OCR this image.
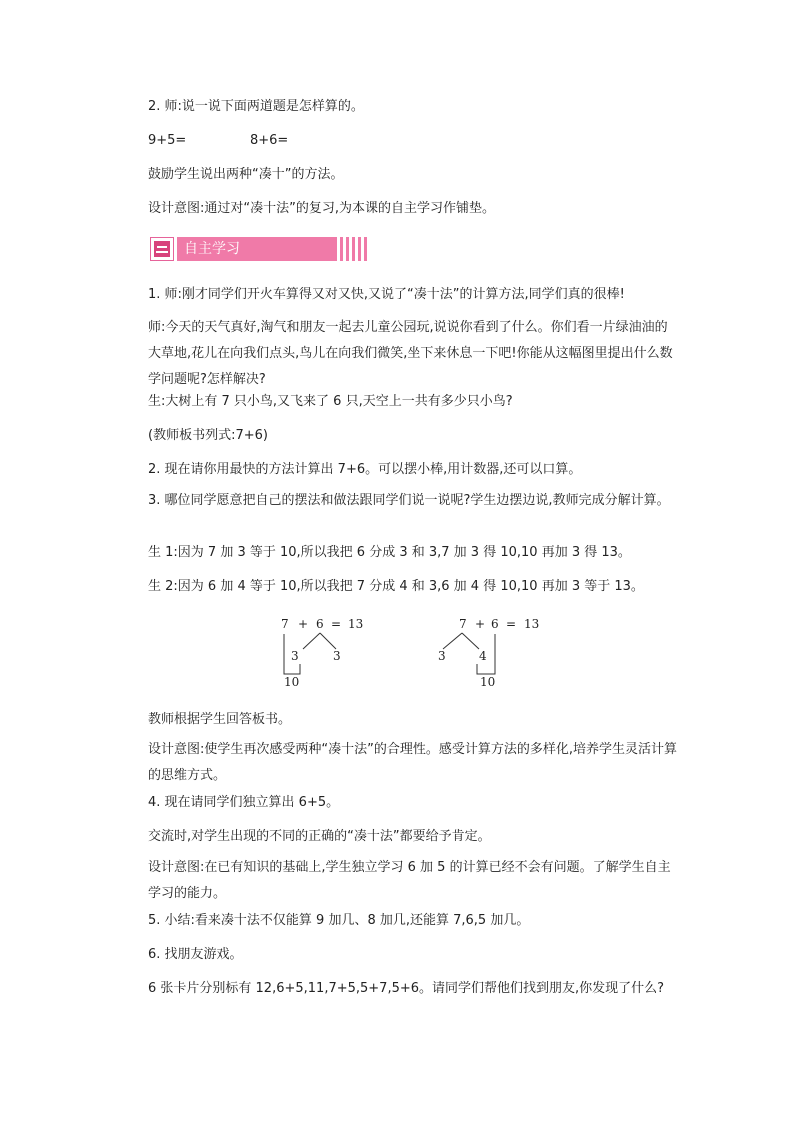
2. 师:说一说下面两道题是怎样算的。
9+5=	8+6=
鼓励学生说出两种“凑十”的方法。
设计意图:通过对“凑十法”的复习,为本课的自主学习作铺垫。
自主学习
1. 师:刚才同学们开火车算得又对又快,又说了“凑十法”的计算方法,同学们真的很棒!
师:今天的天气真好,淘气和朋友一起去儿童公园玩,说说你看到了什么。你们看一片绿油油的大草地,花儿在向我们点头,鸟儿在向我们微笑,坐下来休息一下吧!你能从这幅图里提出什么数学问题呢?怎样解决?
生:大树上有 7 只小鸟,又飞来了 6 只,天空上一共有多少只小鸟?
(教师板书列式:7+6)
2. 现在请你用最快的方法计算出 7+6。可以摆小棒,用计数器,还可以口算。
3. 哪位同学愿意把自己的摆法和做法跟同学们说一说呢?学生边摆边说,教师完成分解计算。
生 1:因为 7 加 3 等于 10,所以我把 6 分成 3 和 3,7 加 3 得 10,10 再加 3 得 13。
生 2:因为 6 加 4 等于 10,所以我把 7 分成 4 和 3,6 加 4 得 10,10 再加 3 等于 13。
7 + 6 = 13
3	3
10
7 + 6 = 13
3	4
10
教师根据学生回答板书。
设计意图:使学生再次感受两种“凑十法”的合理性。感受计算方法的多样化,培养学生灵活计算的思维方式。
4. 现在请同学们独立算出 6+5。
交流时,对学生出现的不同的正确的“凑十法”都要给予肯定。
设计意图:在已有知识的基础上,学生独立学习 6 加 5 的计算已经不会有问题。了解学生自主学习的能力。
5. 小结:看来凑十法不仅能算 9 加几、8 加几,还能算 7,6,5 加几。
6. 找朋友游戏。
6 张卡片分别标有 12,6+5,11,7+5,5+7,5+6。请同学们帮他们找到朋友,你发现了什么?
